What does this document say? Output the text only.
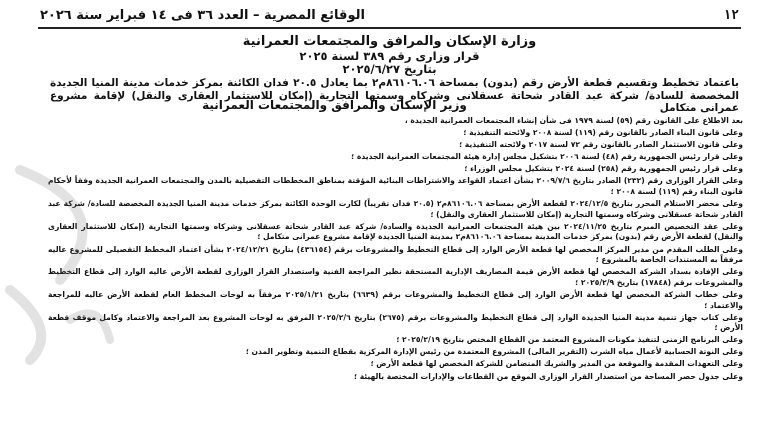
١٢
الوقائع المصرية – العدد ٣٦ فى ١٤ فبراير سنة ٢٠٢٦
وزارة الإسكان والمرافق والمجتمعات العمرانية
قرار وزارى رقم ٣٨٩ لسنة ٢٠٢٥
بتاريخ ٢٠٢٥/٦/٢٧
باعتماد تخطيط وتقسيم قطعة الأرض رقم (بدون) بمساحة ٨٦١٠٦.٠٦م٢ بما يعادل ٢٠.٥ فدان الكائنة بمركز خدمات مدينة المنيا الجديدة المخصصة للسادة/ شركة عبد القادر شحاتة عسقلانى وشركاه وسمتها التجارية (إمكان للاستثمار العقارى والنقل) لإقامة مشروع عمرانى متكامل
وزير الإسكان والمرافق والمجتمعات العمرانية

بعد الاطلاع على القانون رقم (٥٩) لسنة ١٩٧٩ فى شأن إنشاء المجتمعات العمرانية الجديدة ،

وعلى قانون البناء الصادر بالقانون رقم (١١٩) لسنة ٢٠٠٨ ولائحته التنفيذية ؛

وعلى قانون الاستثمار الصادر بالقانون رقم ٧٢ لسنة ٢٠١٧ ولائحته التنفيذية ؛

وعلى قرار رئيس الجمهورية رقم (٤٨) لسنة ٢٠٠٦ بتشكيل مجلس إدارة هيئة المجتمعات العمرانية الجديدة ؛

وعلى قرار رئيس الجمهورية رقم (٢٥٨) لسنة ٢٠٢٤ بتشكيل مجلس الوزراء ؛

وعلى القرار الوزارى رقم (٢٣٢) الصادر بتاريخ ٢٠٠٩/٧/٦ بشأن اعتماد القواعد والاشتراطات البنائية المؤقتة بمناطق المخططات التفصيلية بالمدن والمجتمعات العمرانية الجديدة وفقاً لأحكام قانون البناء رقم (١١٩) لسنة ٢٠٠٨ ؛

وعلى محضر الاستلام المحرر بتاريخ ٢٠٢٤/١٢/٥ لقطعة الأرض بمساحة ٨٦١٠٦.٠٦م٢ (٢٠.٥ فدان تقريباً) لكارت الوحدة الكائنة بمركز خدمات مدينة المنيا الجديدة المخصصة للسادة/ شركة عبد القادر شحاتة عسقلانى وشركاه وسمتها التجارية (إمكان للاستثمار العقارى والنقل) ؛

وعلى عقد التخصيص المبرم بتاريخ ٢٠٢٤/١١/٢٥ بين هيئة المجتمعات العمرانية الجديدة والسادة/ شركة عبد القادر شحاتة عسقلانى وشركاه وسمتها التجارية (إمكان للاستثمار العقارى والنقل) لقطعة الأرض رقم (بدون) بمركز خدمات المدينة بمساحة ٨٦١٠٦.٠٦م٢ بمدينة المنيا الجديدة لإقامة مشروع عمرانى متكامل ؛

وعلى الطلب المقدم من مدير المركز المخصص لها قطعة الأرض الوارد إلى قطاع التخطيط والمشروعات برقم (٤٣٦١٥٤) بتاريخ ٢٠٢٤/١٢/٢١ بشأن اعتماد المخطط التفصيلى للمشروع عاليه مرفقاً به المستندات الخاصة بالمشروع ؛

وعلى الإفادة بسداد الشركة المخصص لها قطعة الأرض قيمة المصاريف الإدارية المستحقة نظير المراجعة الفنية واستصدار القرار الوزارى لقطعة الأرض عاليه الوارد إلى قطاع التخطيط والمشروعات برقم (١٧٨٤٨) بتاريخ ٢٠٢٥/٢/٩ ؛

وعلى خطاب الشركة المخصص لها قطعة الأرض الوارد إلى قطاع التخطيط والمشروعات برقم (٦٦٣٩) بتاريخ ٢٠٢٥/١/٢١ مرفقاً به لوحات المخطط العام لقطعة الأرض عاليه للمراجعة والاعتماد ؛

وعلى كتاب جهاز تنمية مدينة المنيا الجديدة الوارد إلى قطاع التخطيط والمشروعات برقم (٢٦٧٥) بتاريخ ٢٠٢٥/٢/٦ المرفق به لوحات المشروع بعد المراجعة والاعتماد وكامل موقف قطعة الأرض ؛

وعلى البرنامج الزمنى لتنفيذ مكونات المشروع المعتمد من القطاع المختص بتاريخ ٢٠٢٥/٢/١٩ ؛

وعلى النوتة الحسابية لأعمال مياه الشرب (التقرير المالى) المشروع المعتمدة من رئيس الإدارة المركزية بقطاع التنمية وتطوير المدن ؛

وعلى التعهدات المقدمة والموقعة من المدير والشريك المتضامن للشركة المخصص لها قطعة الأرض ؛

وعلى جدول حصر المساحة من استصدار القرار الوزارى الموقع من القطاعات والإدارات المختصة بالهيئة ؛
